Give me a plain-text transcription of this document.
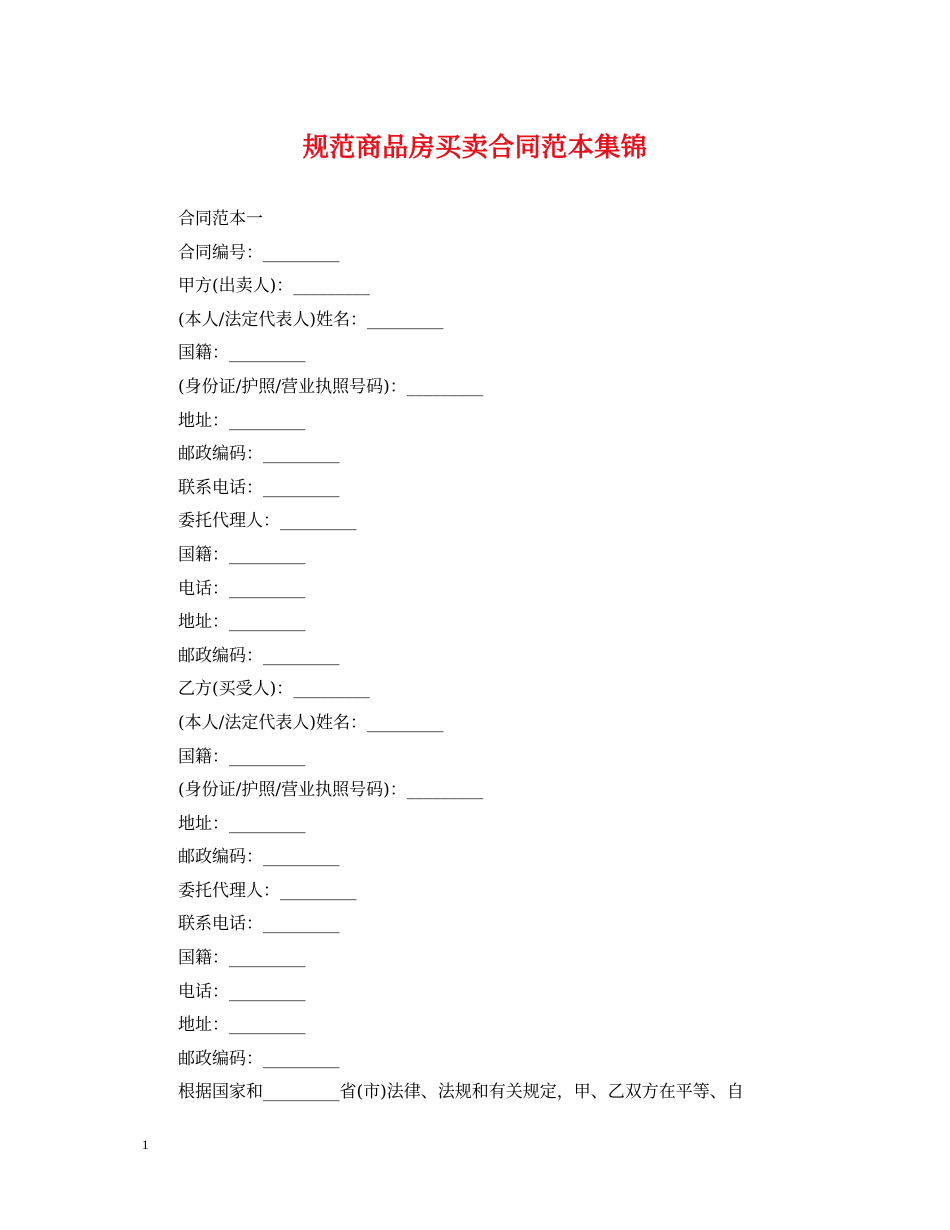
规范商品房买卖合同范本集锦
合同范本一
合同编号：_________
甲方(出卖人)：_________
(本人/法定代表人)姓名：_________
国籍：_________
(身份证/护照/营业执照号码)：_________
地址：_________
邮政编码：_________
联系电话：_________
委托代理人：_________
国籍：_________
电话：_________
地址：_________
邮政编码：_________
乙方(买受人)：_________
(本人/法定代表人)姓名：_________
国籍：_________
(身份证/护照/营业执照号码)：_________
地址：_________
邮政编码：_________
委托代理人：_________
联系电话：_________
国籍：_________
电话：_________
地址：_________
邮政编码：_________
根据国家和_________省(市)法律、法规和有关规定，甲、乙双方在平等、自
1
